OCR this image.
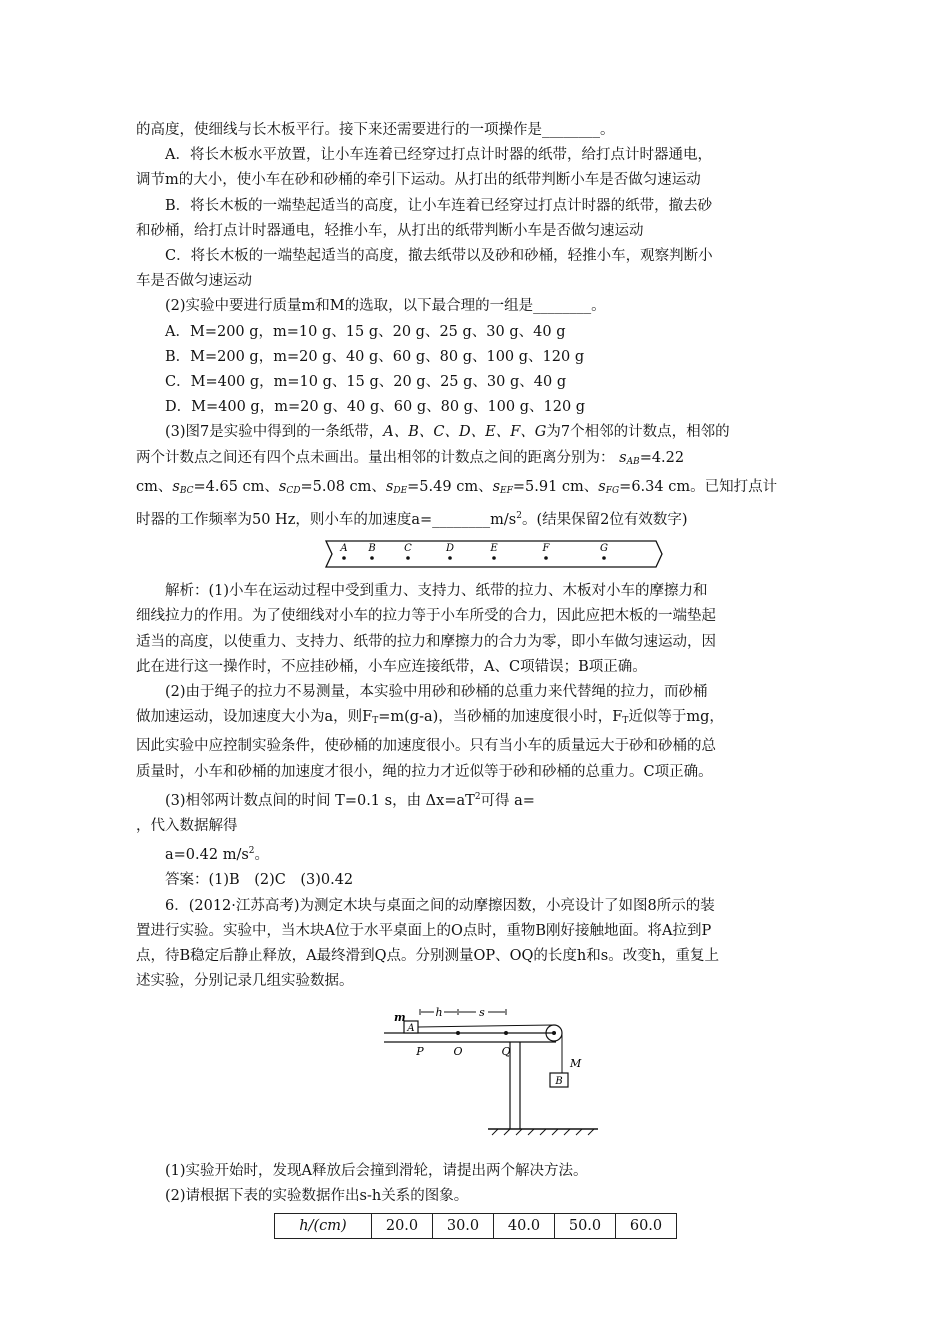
的高度，使细线与长木板平行。接下来还需要进行的一项操作是________。
A．将长木板水平放置，让小车连着已经穿过打点计时器的纸带，给打点计时器通电，
调节m的大小，使小车在砂和砂桶的牵引下运动。从打出的纸带判断小车是否做匀速运动
B．将长木板的一端垫起适当的高度，让小车连着已经穿过打点计时器的纸带，撤去砂
和砂桶，给打点计时器通电，轻推小车，从打出的纸带判断小车是否做匀速运动
C．将长木板的一端垫起适当的高度，撤去纸带以及砂和砂桶，轻推小车，观察判断小
车是否做匀速运动
(2)实验中要进行质量m和M的选取，以下最合理的一组是________。
A．M=200 g，m=10 g、15 g、20 g、25 g、30 g、40 g
B．M=200 g，m=20 g、40 g、60 g、80 g、100 g、120 g
C．M=400 g，m=10 g、15 g、20 g、25 g、30 g、40 g
D．M=400 g，m=20 g、40 g、60 g、80 g、100 g、120 g
(3)图7是实验中得到的一条纸带，A、B、C、D、E、F、G为7个相邻的计数点，相邻的
两个计数点之间还有四个点未画出。量出相邻的计数点之间的距离分别为： $s_{AB}=4.22$
cm、$s_{BC}=4.65$ cm、$s_{CD}=5.08$ cm、$s_{DE}=5.49$ cm、$s_{EF}=5.91$ cm、$s_{FG}=6.34$ cm。已知打点计
时器的工作频率为50 Hz，则小车的加速度$a=\_\_\_\_\_\_\_\_m/s^2$。(结果保留2位有效数字)
A B	C	D	E	F	G
解析：(1)小车在运动过程中受到重力、支持力、纸带的拉力、木板对小车的摩擦力和
细线拉力的作用。为了使细线对小车的拉力等于小车所受的合力，因此应把木板的一端垫起
适当的高度，以使重力、支持力、纸带的拉力和摩擦力的合力为零，即小车做匀速运动，因
此在进行这一操作时，不应挂砂桶，小车应连接纸带，A、C项错误；B项正确。
(2)由于绳子的拉力不易测量，本实验中用砂和砂桶的总重力来代替绳的拉力，而砂桶
做加速运动，设加速度大小为a，则$F_T=m(g-a)$，当砂桶的加速度很小时，$F_T$近似等于mg，
因此实验中应控制实验条件，使砂桶的加速度很小。只有当小车的质量远大于砂和砂桶的总
质量时，小车和砂桶的加速度才很小，绳的拉力才近似等于砂和砂桶的总重力。C项正确。
(3)相邻两计数点间的时间 T=0.1 s，由 $\Delta x=aT^2$可得 a=
，代入数据解得
a=0.42 $m/s^2$。
答案：(1)B　(2)C　(3)0.42
6．(2012·江苏高考)为测定木块与桌面之间的动摩擦因数，小亮设计了如图8所示的装
置进行实验。实验中，当木块A位于水平桌面上的O点时，重物B刚好接触地面。将A拉到P
点，待B稳定后静止释放，A最终滑到Q点。分别测量OP、OQ的长度h和s。改变h，重复上
述实验，分别记录几组实验数据。
A
m
B
M
h	s
P	O	Q
(1)实验开始时，发现A释放后会撞到滑轮，请提出两个解决方法。
(2)请根据下表的实验数据作出s-h关系的图象。
h/(cm)	20.0	30.0	40.0	50.0	60.0
